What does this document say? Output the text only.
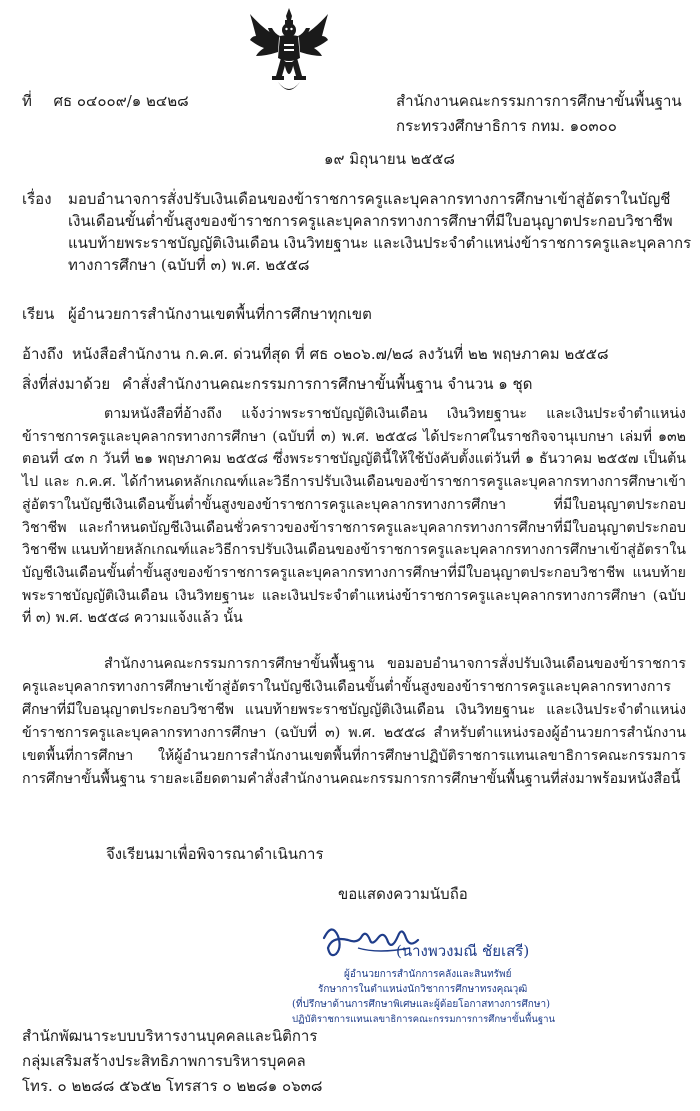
ที่ ศธ ๐๔๐๐๙/๑ ๒๔๒๘	สำนักงานคณะกรรมการการศึกษาขั้นพื้นฐาน
กระทรวงศึกษาธิการ กทม. ๑๐๓๐๐
๑๙ มิถุนายน ๒๕๕๘
เรื่อง มอบอำนาจการสั่งปรับเงินเดือนของข้าราชการครูและบุคลากรทางการศึกษาเข้าสู่อัตราในบัญชี
เงินเดือนขั้นต่ำขั้นสูงของข้าราชการครูและบุคลากรทางการศึกษาที่มีใบอนุญาตประกอบวิชาชีพ
แนบท้ายพระราชบัญญัติเงินเดือน เงินวิทยฐานะ และเงินประจำตำแหน่งข้าราชการครูและบุคลากร
ทางการศึกษา (ฉบับที่ ๓) พ.ศ. ๒๕๕๘
เรียน ผู้อำนวยการสำนักงานเขตพื้นที่การศึกษาทุกเขต
อ้างถึง หนังสือสำนักงาน ก.ค.ศ. ด่วนที่สุด ที่ ศธ ๐๒๐๖.๗/๒๘ ลงวันที่ ๒๒ พฤษภาคม ๒๕๕๘
สิ่งที่ส่งมาด้วย คำสั่งสำนักงานคณะกรรมการการศึกษาขั้นพื้นฐาน จำนวน ๑ ชุด

ตามหนังสือที่อ้างถึง แจ้งว่าพระราชบัญญัติเงินเดือน เงินวิทยฐานะ และเงินประจำตำแหน่งข้าราชการครูและบุคลากรทางการศึกษา (ฉบับที่ ๓) พ.ศ. ๒๕๕๘ ได้ประกาศในราชกิจจานุเบกษา เล่มที่ ๑๓๒ ตอนที่ ๔๓ ก วันที่ ๒๑ พฤษภาคม ๒๕๕๘ ซึ่งพระราชบัญญัตินี้ให้ใช้บังคับตั้งแต่วันที่ ๑ ธันวาคม ๒๕๕๗ เป็นต้นไป และ ก.ค.ศ. ได้กำหนดหลักเกณฑ์และวิธีการปรับเงินเดือนของข้าราชการครูและบุคลากรทางการศึกษาเข้าสู่อัตราในบัญชีเงินเดือนขั้นต่ำขั้นสูงของข้าราชการครูและบุคลากรทางการศึกษา ที่มีใบอนุญาตประกอบวิชาชีพ และกำหนดบัญชีเงินเดือนชั่วคราวของข้าราชการครูและบุคลากรทางการศึกษาที่มีใบอนุญาตประกอบวิชาชีพ แนบท้ายหลักเกณฑ์และวิธีการปรับเงินเดือนของข้าราชการครูและบุคลากรทางการศึกษาเข้าสู่อัตราในบัญชีเงินเดือนขั้นต่ำขั้นสูงของข้าราชการครูและบุคลากรทางการศึกษาที่มีใบอนุญาตประกอบวิชาชีพ แนบท้ายพระราชบัญญัติเงินเดือน เงินวิทยฐานะ และเงินประจำตำแหน่งข้าราชการครูและบุคลากรทางการศึกษา (ฉบับที่ ๓) พ.ศ. ๒๕๕๘ ความแจ้งแล้ว นั้น

สำนักงานคณะกรรมการการศึกษาขั้นพื้นฐาน ขอมอบอำนาจการสั่งปรับเงินเดือนของข้าราชการครูและบุคลากรทางการศึกษาเข้าสู่อัตราในบัญชีเงินเดือนขั้นต่ำขั้นสูงของข้าราชการครูและบุคลากรทางการศึกษาที่มีใบอนุญาตประกอบวิชาชีพ แนบท้ายพระราชบัญญัติเงินเดือน เงินวิทยฐานะ และเงินประจำตำแหน่งข้าราชการครูและบุคลากรทางการศึกษา (ฉบับที่ ๓) พ.ศ. ๒๕๕๘ สำหรับตำแหน่งรองผู้อำนวยการสำนักงานเขตพื้นที่การศึกษา ให้ผู้อำนวยการสำนักงานเขตพื้นที่การศึกษาปฏิบัติราชการแทนเลขาธิการคณะกรรมการการศึกษาขั้นพื้นฐาน รายละเอียดตามคำสั่งสำนักงานคณะกรรมการการศึกษาขั้นพื้นฐานที่ส่งมาพร้อมหนังสือนี้

จึงเรียนมาเพื่อพิจารณาดำเนินการ
ขอแสดงความนับถือ
(นางพวงมณี ชัยเสรี)
ผู้อำนวยการสำนักการคลังและสินทรัพย์
รักษาการในตำแหน่งนักวิชาการศึกษาทรงคุณวุฒิ
(ที่ปรึกษาด้านการศึกษาพิเศษและผู้ด้อยโอกาสทางการศึกษา)
ปฏิบัติราชการแทนเลขาธิการคณะกรรมการการศึกษาขั้นพื้นฐาน
สำนักพัฒนาระบบบริหารงานบุคคลและนิติการ
กลุ่มเสริมสร้างประสิทธิภาพการบริหารบุคคล
โทร. ๐ ๒๒๘๘ ๕๖๕๒ โทรสาร ๐ ๒๒๘๑ ๐๖๓๘
